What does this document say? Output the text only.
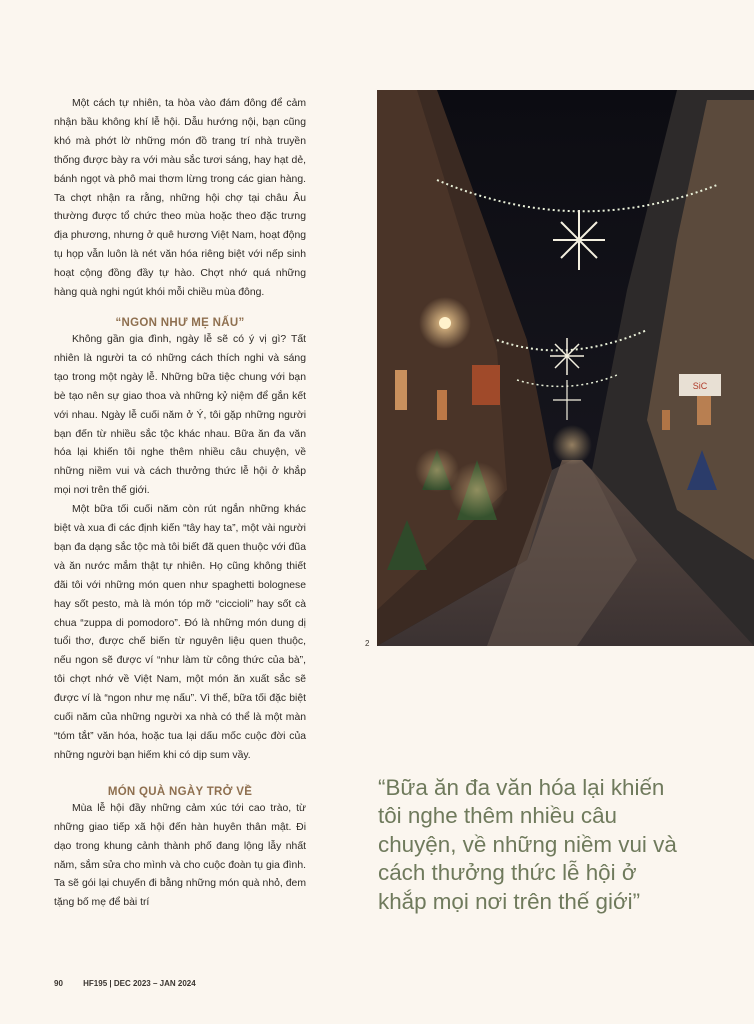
Một cách tự nhiên, ta hòa vào đám đông để cảm nhận bầu không khí lễ hội. Dẫu hướng nội, bạn cũng khó mà phớt lờ những món đồ trang trí nhà truyền thống được bày ra với màu sắc tươi sáng, hay hạt dẻ, bánh ngọt và phô mai thơm lừng trong các gian hàng. Ta chợt nhận ra rằng, những hội chợ tại châu Âu thường được tổ chức theo mùa hoặc theo đặc trưng địa phương, nhưng ở quê hương Việt Nam, hoạt động tụ họp vẫn luôn là nét văn hóa riêng biệt với nếp sinh hoạt cộng đồng đầy tự hào. Chợt nhớ quá những hàng quà nghi ngút khói mỗi chiều mùa đông.

“NGON NHƯ MẸ NẤU”

Không gần gia đình, ngày lễ sẽ có ý vị gì? Tất nhiên là người ta có những cách thích nghi và sáng tạo trong một ngày lễ. Những bữa tiệc chung với bạn bè tạo nên sự giao thoa và những kỷ niệm để gắn kết với nhau. Ngày lễ cuối năm ở Ý, tôi gặp những người bạn đến từ nhiều sắc tộc khác nhau. Bữa ăn đa văn hóa lại khiến tôi nghe thêm nhiều câu chuyện, về những niềm vui và cách thưởng thức lễ hội ở khắp mọi nơi trên thế giới.

Một bữa tối cuối năm còn rút ngắn những khác biệt và xua đi các định kiến “tây hay ta”, một vài người bạn đa dạng sắc tộc mà tôi biết đã quen thuộc với đũa và ăn nước mắm thật tự nhiên. Họ cũng không thiết đãi tôi với những món quen như spaghetti bolognese hay sốt pesto, mà là món tóp mỡ “ciccioli” hay sốt cà chua “zuppa di pomodoro”. Đó là những món dung dị tuổi thơ, được chế biến từ nguyên liệu quen thuộc, nếu ngon sẽ được ví “như làm từ công thức của bà”, tôi chợt nhớ về Việt Nam, một món ăn xuất sắc sẽ được ví là “ngon như mẹ nấu”. Vì thế, bữa tối đặc biệt cuối năm của những người xa nhà có thể là một màn “tóm tắt” văn hóa, hoặc tua lại dấu mốc cuộc đời của những người bạn hiếm khi có dịp sum vầy.

MÓN QUÀ NGÀY TRỞ VỀ

Mùa lễ hội đầy những cảm xúc tới cao trào, từ những giao tiếp xã hội đến hàn huyên thân mật. Đi dạo trong khung cảnh thành phố đang lộng lẫy nhất năm, sắm sửa cho mình và cho cuộc đoàn tụ gia đình. Ta sẽ gói lại chuyến đi bằng những món quà nhỏ, đem tặng bố mẹ để bài trí

SiC
2

“Bữa ăn đa văn hóa lại khiến tôi nghe thêm nhiều câu chuyện, về những niềm vui và cách thưởng thức lễ hội ở khắp mọi nơi trên thế giới”

90	HF195 | DEC 2023 – JAN 2024
